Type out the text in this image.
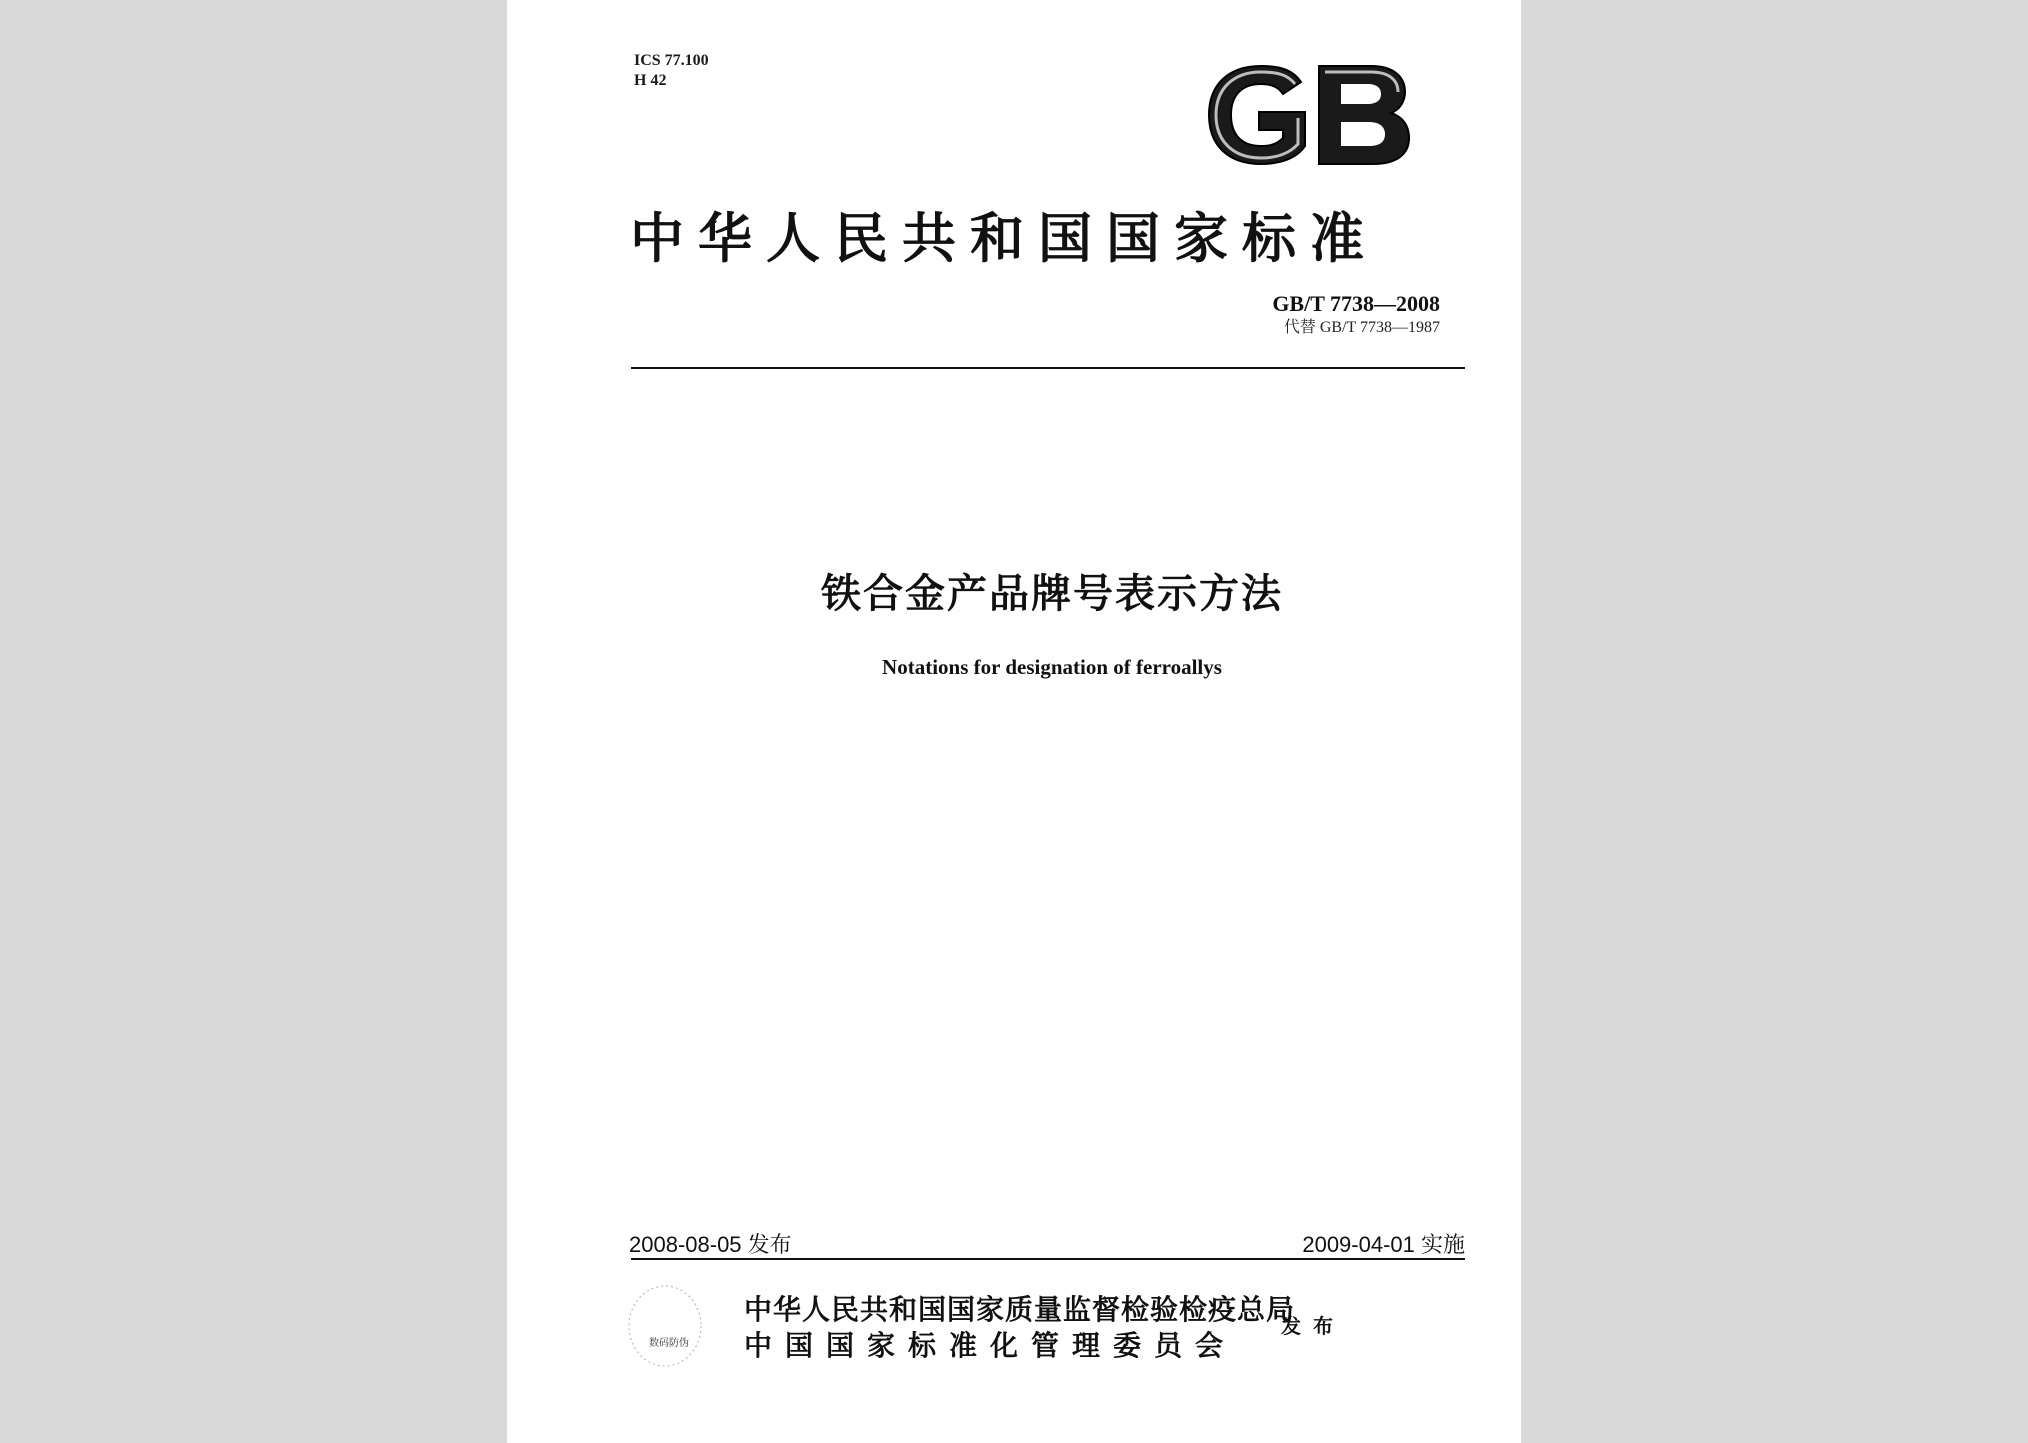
ICS 77.100
H 42
中华人民共和国国家标准
GB/T 7738—2008
代替 GB/T 7738—1987
铁合金产品牌号表示方法
Notations for designation of ferroallys
2008-08-05 发布	2009-04-01 实施
数码防伪
中华人民共和国国家质量监督检验检疫总局
中国国家标准化管理委员会
发布
